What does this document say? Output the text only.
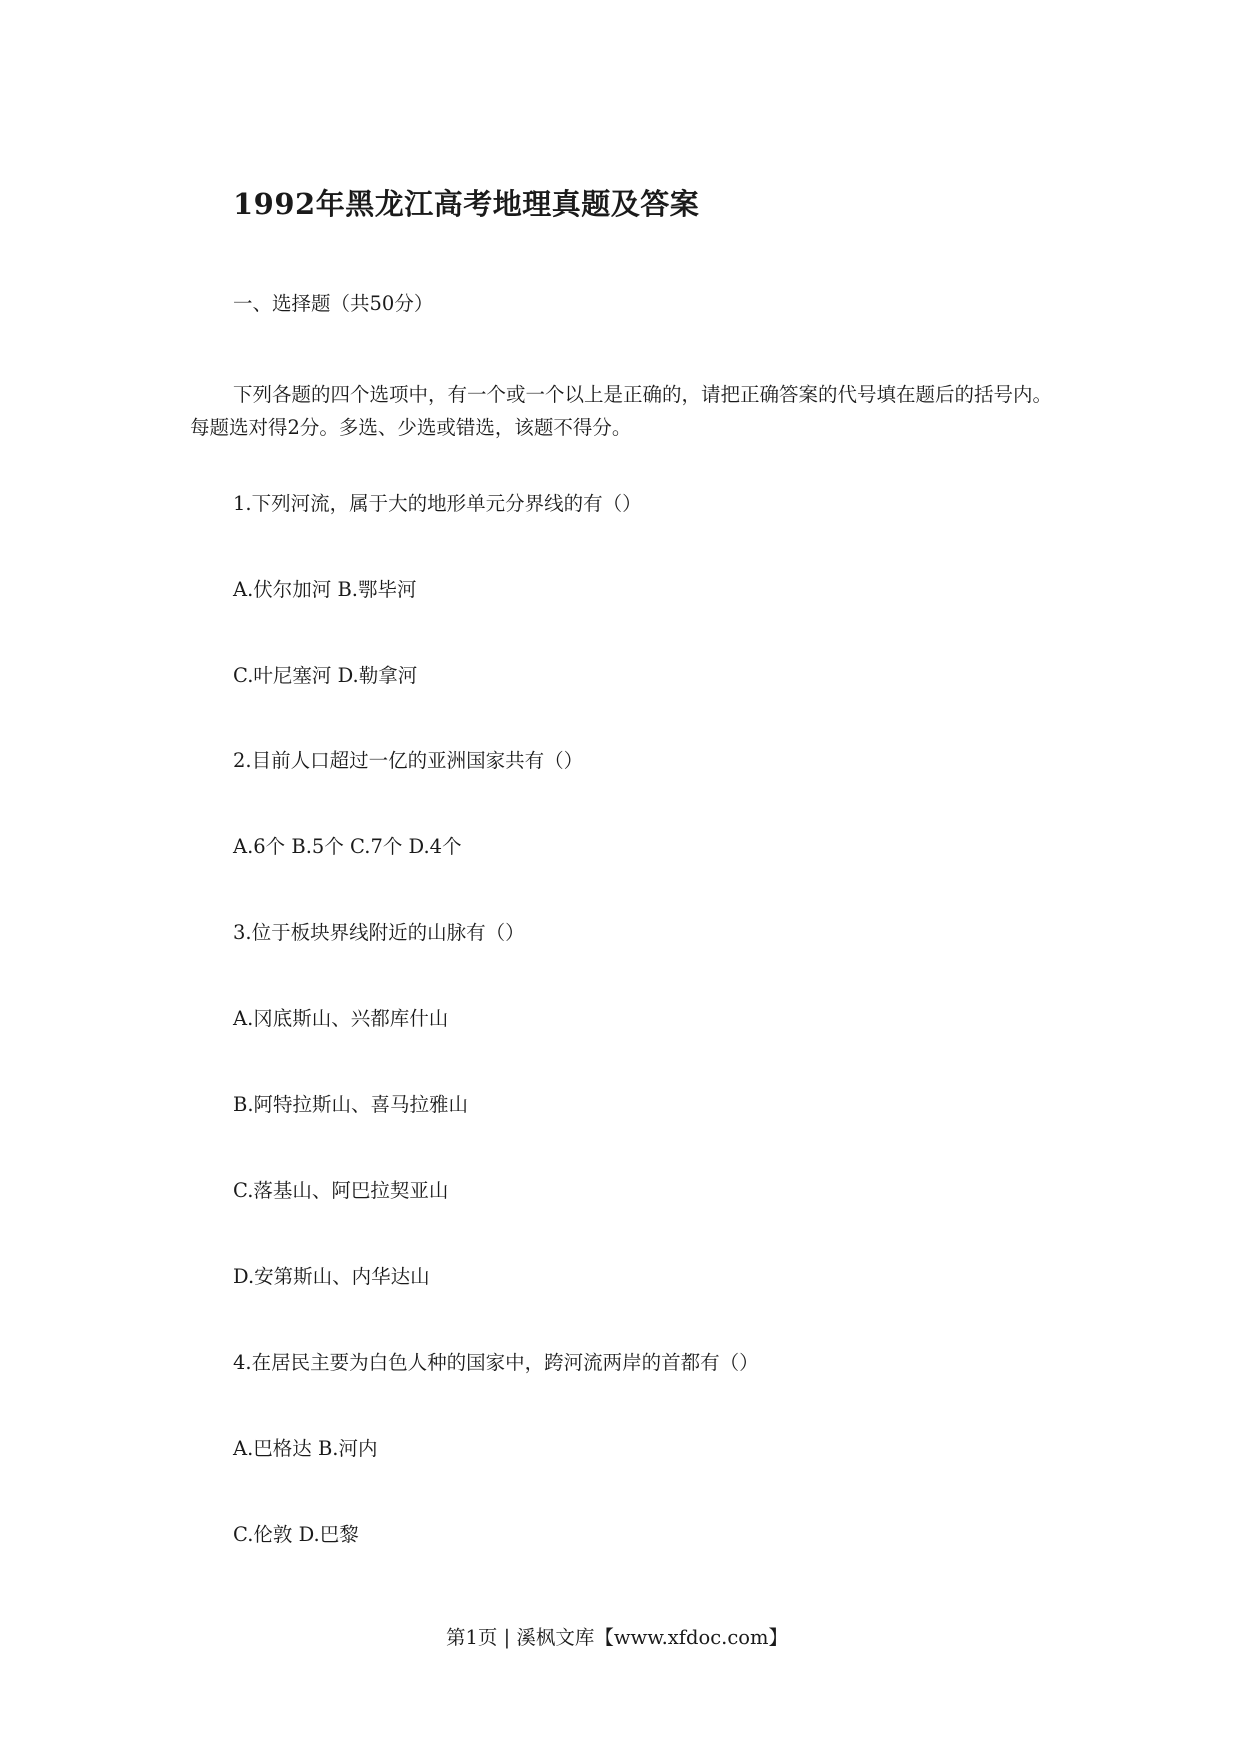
1992年黑龙江高考地理真题及答案

一、选择题（共50分）

下列各题的四个选项中，有一个或一个以上是正确的，请把正确答案的代号填在题后的括号内。每题选对得2分。多选、少选或错选，该题不得分。

1.下列河流，属于大的地形单元分界线的有（）

A.伏尔加河 B.鄂毕河

C.叶尼塞河 D.勒拿河

2.目前人口超过一亿的亚洲国家共有（）

A.6个 B.5个 C.7个 D.4个

3.位于板块界线附近的山脉有（）

A.冈底斯山、兴都库什山

B.阿特拉斯山、喜马拉雅山

C.落基山、阿巴拉契亚山

D.安第斯山、内华达山

4.在居民主要为白色人种的国家中，跨河流两岸的首都有（）

A.巴格达 B.河内

C.伦敦 D.巴黎

第1页 | 溪枫文库【www.xfdoc.com】
